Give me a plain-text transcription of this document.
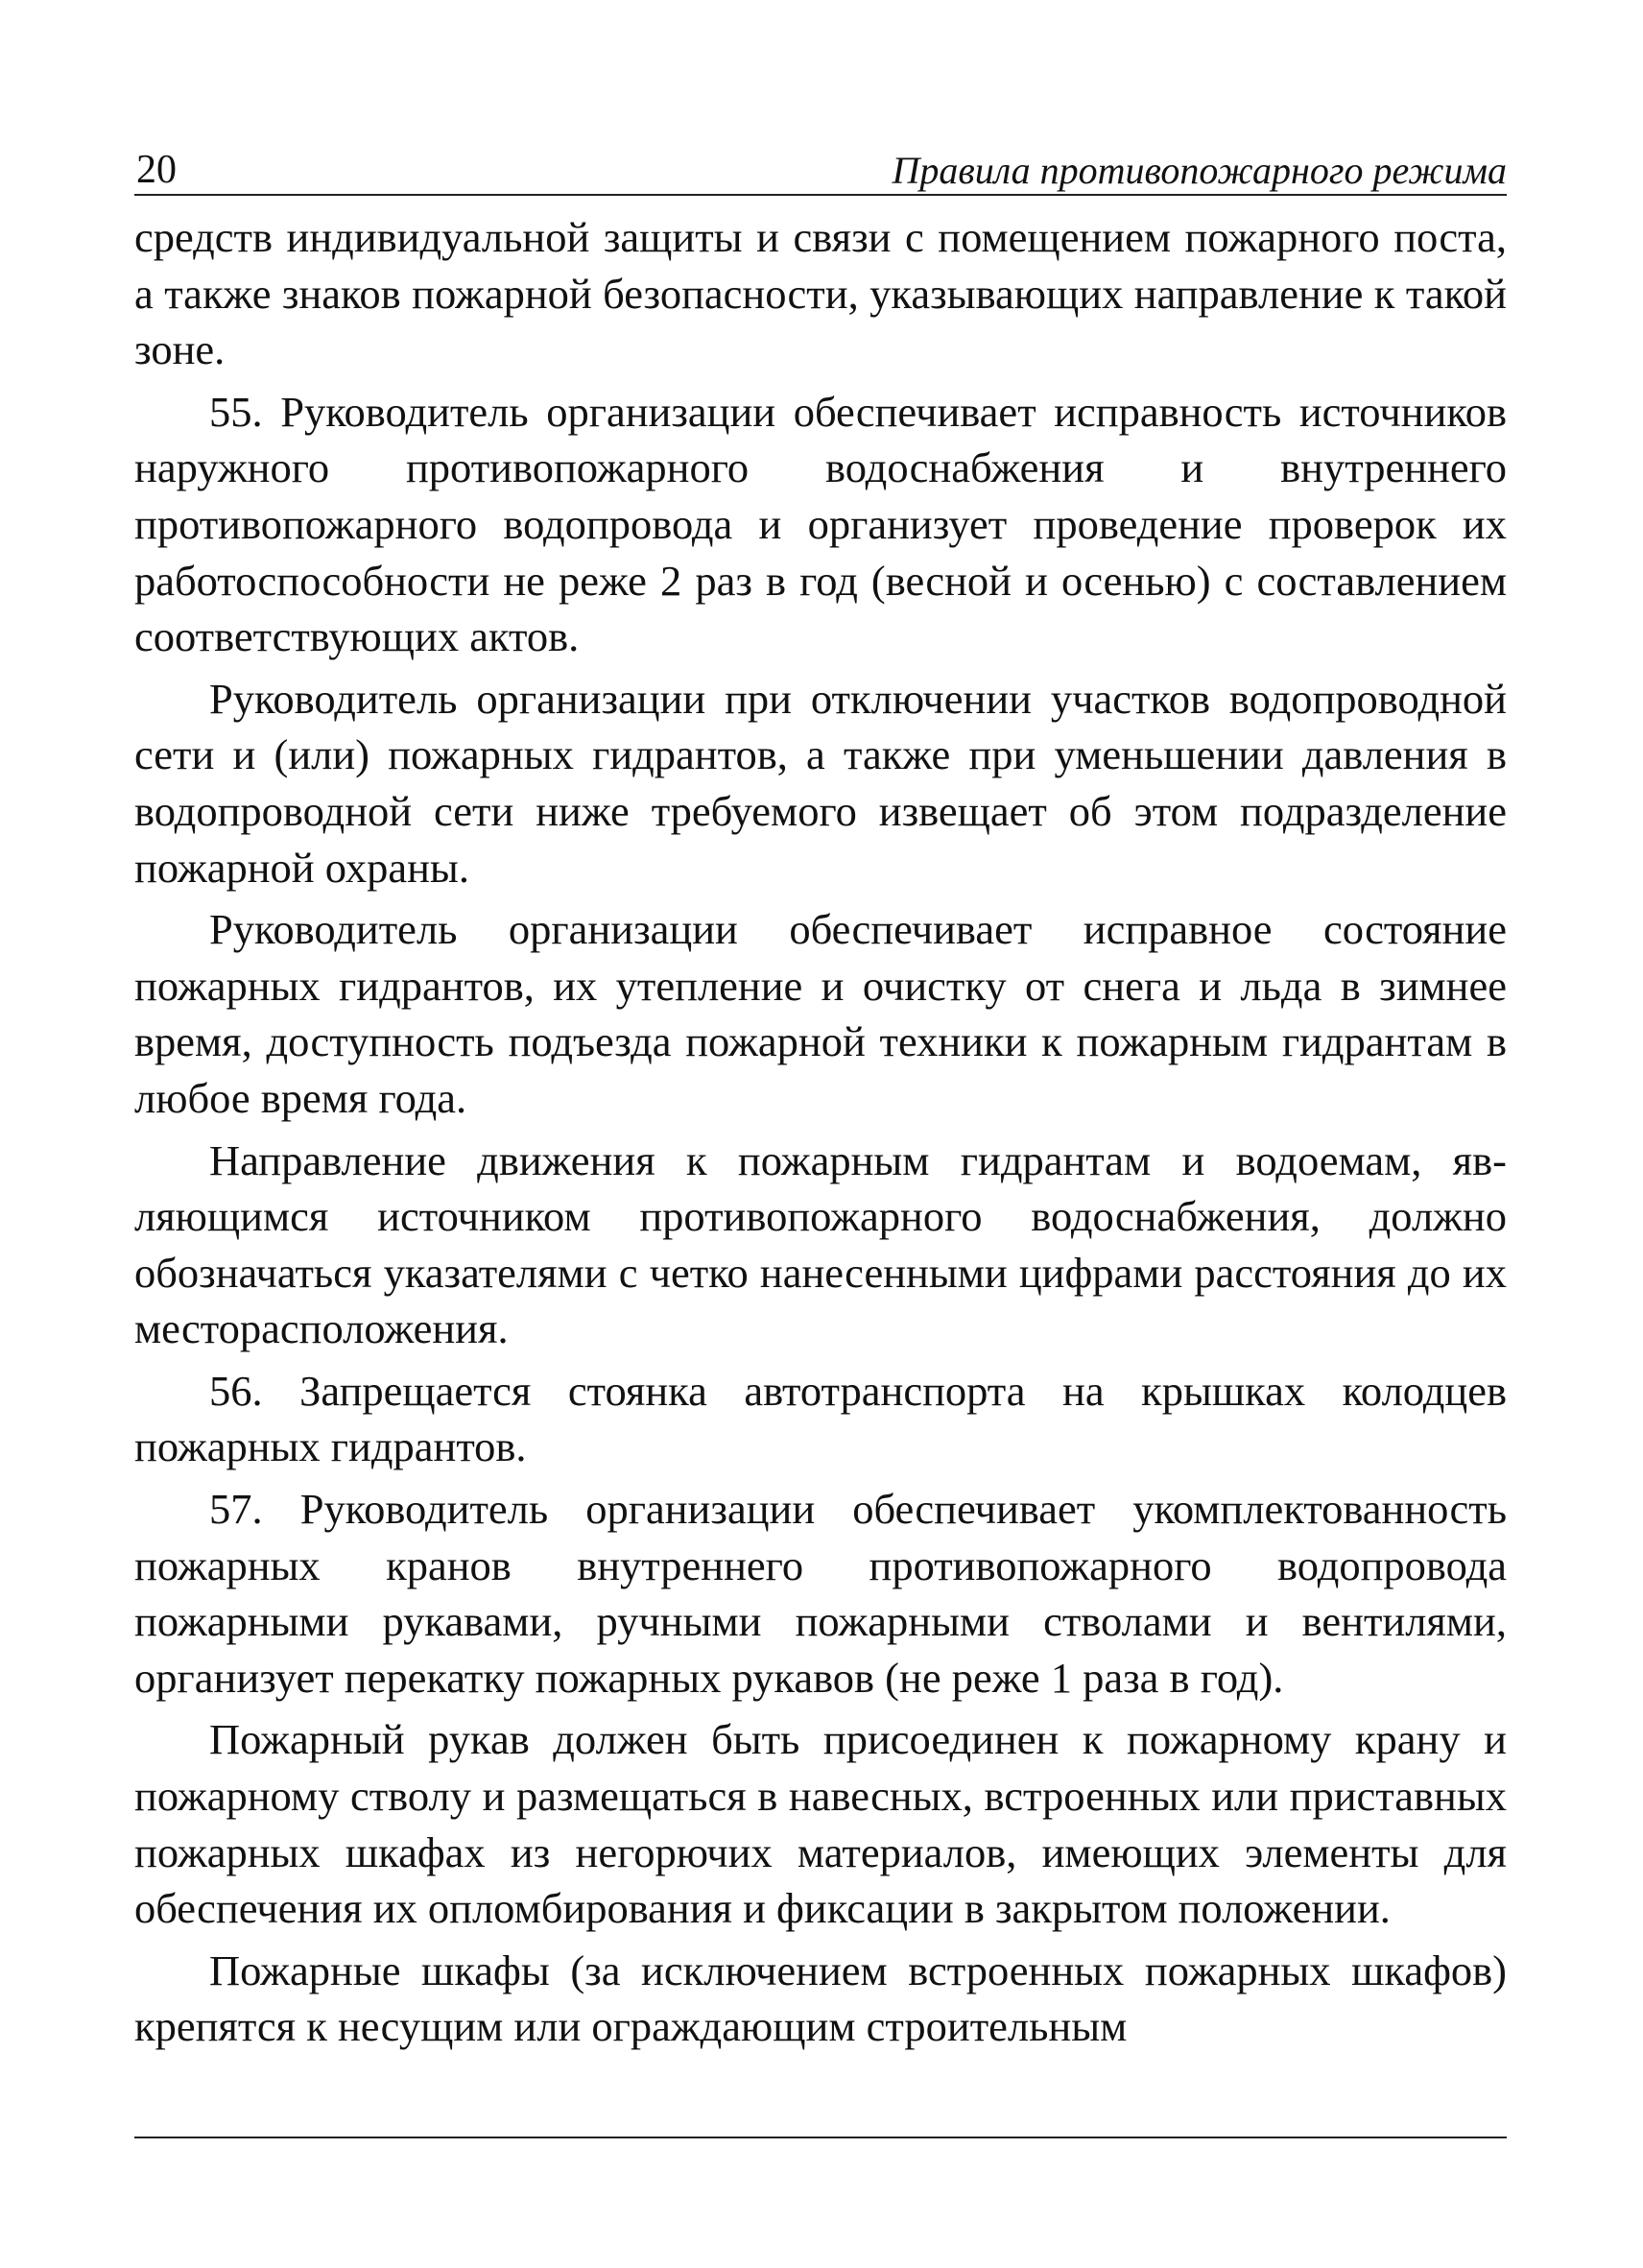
20	Правила противопожарного режима

средств индивидуальной защиты и связи с помещением пожарного поста, а также знаков пожарной безопасности, указывающих направление к такой зоне.

55. Руководитель организации обеспечивает исправность источников наружного противопожарного водоснабжения и внутреннего противопожарного водопровода и организует проведение проверок их работоспособности не реже 2 раз в год (весной и осенью) с составлением соответствующих актов.

Руководитель организации при отключении участков водопроводной сети и (или) пожарных гидрантов, а также при уменьшении давления в водопроводной сети ниже требуемого извещает об этом подразделение пожарной охраны.

Руководитель организации обеспечивает исправное состояние пожарных гидрантов, их утепление и очистку от снега и льда в зимнее время, доступность подъезда пожарной техники к пожарным гидрантам в любое время года.

Направление движения к пожарным гидрантам и водоемам, являющимся источником противопожарного водоснабжения, должно обозначаться указателями с четко нанесенными цифрами расстояния до их месторасположения.

56. Запрещается стоянка автотранспорта на крышках колодцев пожарных гидрантов.

57. Руководитель организации обеспечивает укомплектованность пожарных кранов внутреннего противопожарного водопровода пожарными рукавами, ручными пожарными стволами и вентилями, организует перекатку пожарных рукавов (не реже 1 раза в год).

Пожарный рукав должен быть присоединен к пожарному крану и пожарному стволу и размещаться в навесных, встроенных или приставных пожарных шкафах из негорючих материалов, имеющих элементы для обеспечения их опломбирования и фиксации в закрытом положении.

Пожарные шкафы (за исключением встроенных пожарных шкафов) крепятся к несущим или ограждающим строительным
